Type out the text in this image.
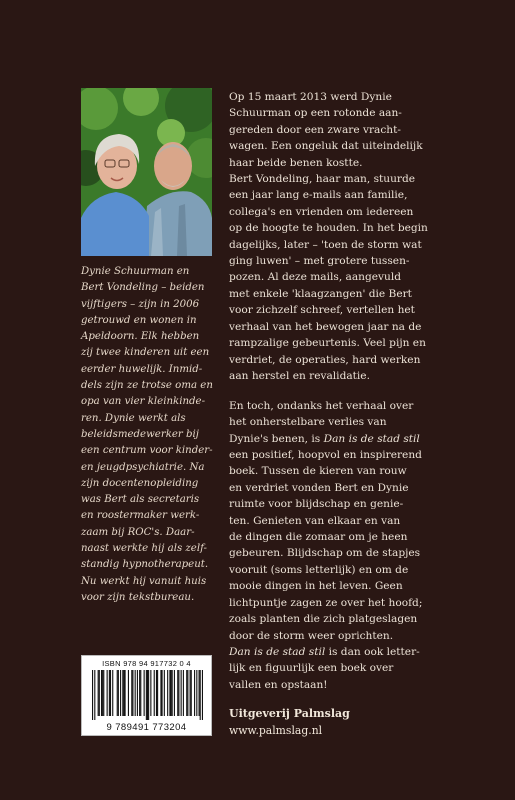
Dynie Schuurman en
Bert Vondeling – beiden
vijftigers – zijn in 2006
getrouwd en wonen in
Apeldoorn. Elk hebben
zij twee kinderen uit een
eerder huwelijk. Inmid-
dels zijn ze trotse oma en
opa van vier kleinkinde-
ren. Dynie werkt als
beleidsmedewerker bij
een centrum voor kinder-
en jeugdpsychiatrie. Na
zijn docentenopleiding
was Bert als secretaris
en roostermaker werk-
zaam bij ROC's. Daar-
naast werkte hij als zelf-
standig hypnotherapeut.
Nu werkt hij vanuit huis
voor zijn tekstbureau.
Op 15 maart 2013 werd Dynie
Schuurman op een rotonde aan-
gereden door een zware vracht-
wagen. Een ongeluk dat uiteindelijk
haar beide benen kostte.
Bert Vondeling, haar man, stuurde
een jaar lang e-mails aan familie,
collega's en vrienden om iedereen
op de hoogte te houden. In het begin
dagelijks, later – 'toen de storm wat
ging luwen' – met grotere tussen-
pozen. Al deze mails, aangevuld
met enkele 'klaagzangen' die Bert
voor zichzelf schreef, vertellen het
verhaal van het bewogen jaar na de
rampzalige gebeurtenis. Veel pijn en
verdriet, de operaties, hard werken
aan herstel en revalidatie.
En toch, ondanks het verhaal over
het onherstelbare verlies van
Dynie's benen, is Dan is de stad stil
een positief, hoopvol en inspirerend
boek. Tussen de kieren van rouw
en verdriet vonden Bert en Dynie
ruimte voor blijdschap en genie-
ten. Genieten van elkaar en van
de dingen die zomaar om je heen
gebeuren. Blijdschap om de stapjes
vooruit (soms letterlijk) en om de
mooie dingen in het leven. Geen
lichtpuntje zagen ze over het hoofd;
zoals planten die zich platgeslagen
door de storm weer oprichten.
Dan is de stad stil is dan ook letter-
lijk en figuurlijk een boek over
vallen en opstaan!
ISBN 978 94 917732 0 4
9 789491 773204
Uitgeverij Palmslag
www.palmslag.nl
